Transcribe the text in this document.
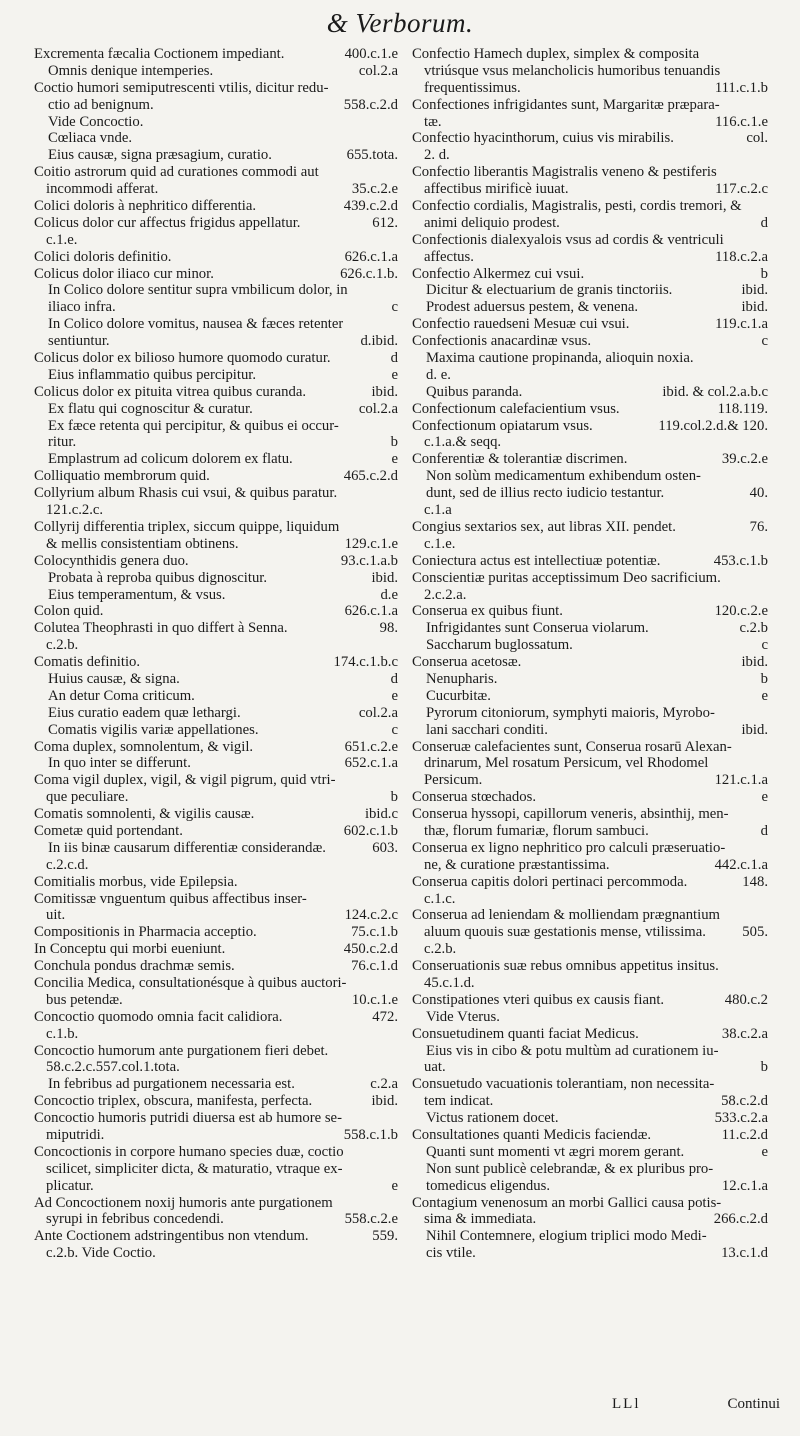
& Verborum.
Excrementa fæcalia Coctionem impediant.	400.c.1.e
Omnis denique intemperies.	col.2.a
Coctio humori semiputrescenti vtilis, dicitur redu-
ctio ad benignum.	558.c.2.d
Vide Concoctio.
Cœliaca vnde.
Eius causæ, signa præsagium, curatio.	655.tota.
Coitio astrorum quid ad curationes commodi aut
incommodi afferat.	35.c.2.e
Colici doloris à nephritico differentia.	439.c.2.d
Colicus dolor cur affectus frigidus appellatur.	612.
c.1.e.
Colici doloris definitio.	626.c.1.a
Colicus dolor iliaco cur minor.	626.c.1.b.
In Colico dolore sentitur supra vmbilicum dolor, in
iliaco infra.	c
In Colico dolore vomitus, nausea & fæces retenter
sentiuntur.	d.ibid.
Colicus dolor ex bilioso humore quomodo curatur.	d
Eius inflammatio quibus percipitur.	e
Colicus dolor ex pituita vitrea quibus curanda.	ibid.
Ex flatu qui cognoscitur & curatur.	col.2.a
Ex fæce retenta qui percipitur, & quibus ei occur-
ritur.	b
Emplastrum ad colicum dolorem ex flatu.	e
Colliquatio membrorum quid.	465.c.2.d
Collyrium album Rhasis cui vsui, & quibus paratur.
121.c.2.c.
Collyrij differentia triplex, siccum quippe, liquidum
& mellis consistentiam obtinens.	129.c.1.e
Colocynthidis genera duo.	93.c.1.a.b
Probata à reproba quibus dignoscitur.	ibid.
Eius temperamentum, & vsus.	d.e
Colon quid.	626.c.1.a
Colutea Theophrasti in quo differt à Senna.	98.
c.2.b.
Comatis definitio.	174.c.1.b.c
Huius causæ, & signa.	d
An detur Coma criticum.	e
Eius curatio eadem quæ lethargi.	col.2.a
Comatis vigilis variæ appellationes.	c
Coma duplex, somnolentum, & vigil.	651.c.2.e
In quo inter se differunt.	652.c.1.a
Coma vigil duplex, vigil, & vigil pigrum, quid vtri-
que peculiare.	b
Comatis somnolenti, & vigilis causæ.	ibid.c
Cometæ quid portendant.	602.c.1.b
In iis binæ causarum differentiæ considerandæ.	603.
c.2.c.d.
Comitialis morbus, vide Epilepsia.
Comitissæ vnguentum quibus affectibus inser-
uit.	124.c.2.c
Compositionis in Pharmacia acceptio.	75.c.1.b
In Conceptu qui morbi eueniunt.	450.c.2.d
Conchula pondus drachmæ semis.	76.c.1.d
Concilia Medica, consultationésque à quibus auctori-
bus petendæ.	10.c.1.e
Concoctio quomodo omnia facit calidiora.	472.
c.1.b.
Concoctio humorum ante purgationem fieri debet.
58.c.2.c.557.col.1.tota.
In febribus ad purgationem necessaria est.	c.2.a
Concoctio triplex, obscura, manifesta, perfecta.	ibid.
Concoctio humoris putridi diuersa est ab humore se-
miputridi.	558.c.1.b
Concoctionis in corpore humano species duæ, coctio
scilicet, simpliciter dicta, & maturatio, vtraque ex-
plicatur.	e
Ad Concoctionem noxij humoris ante purgationem
syrupi in febribus concedendi.	558.c.2.e
Ante Coctionem adstringentibus non vtendum.	559.
c.2.b. Vide Coctio.
Confectio Hamech duplex, simplex & composita
vtriúsque vsus melancholicis humoribus tenuandis
frequentissimus.	111.c.1.b
Confectiones infrigidantes sunt, Margaritæ præpara-
tæ.	116.c.1.e
Confectio hyacinthorum, cuius vis mirabilis.	col.
2. d.
Confectio liberantis Magistralis veneno & pestiferis
affectibus mirificè iuuat.	117.c.2.c
Confectio cordialis, Magistralis, pesti, cordis tremori, &
animi deliquio prodest.	d
Confectionis dialexyalois vsus ad cordis & ventriculi
affectus.	118.c.2.a
Confectio Alkermez cui vsui.	b
Dicitur & electuarium de granis tinctoriis.	ibid.
Prodest aduersus pestem, & venena.	ibid.
Confectio rauedseni Mesuæ cui vsui.	119.c.1.a
Confectionis anacardinæ vsus.	c
Maxima cautione propinanda, alioquin noxia.
d. e.
Quibus paranda.	ibid. & col.2.a.b.c
Confectionum calefacientium vsus.	118.119.
Confectionum opiatarum vsus.	119.col.2.d.& 120.
c.1.a.& seqq.
Conferentiæ & tolerantiæ discrimen.	39.c.2.e
Non solùm medicamentum exhibendum osten-
dunt, sed de illius recto iudicio testantur.	40.
c.1.a
Congius sextarios sex, aut libras XII. pendet.	76.
c.1.e.
Coniectura actus est intellectiuæ potentiæ.	453.c.1.b
Conscientiæ puritas acceptissimum Deo sacrificium.
2.c.2.a.
Conserua ex quibus fiunt.	120.c.2.e
Infrigidantes sunt Conserua violarum.	c.2.b
Saccharum buglossatum.	c
Conserua acetosæ.	ibid.
Nenupharis.	b
Cucurbitæ.	e
Pyrorum citoniorum, symphyti maioris, Myrobo-
lani sacchari conditi.	ibid.
Conseruæ calefacientes sunt, Conserua rosarū Alexan-
drinarum, Mel rosatum Persicum, vel Rhodomel
Persicum.	121.c.1.a
Conserua stœchados.	e
Conserua hyssopi, capillorum veneris, absinthij, men-
thæ, florum fumariæ, florum sambuci.	d
Conserua ex ligno nephritico pro calculi præseruatio-
ne, & curatione præstantissima.	442.c.1.a
Conserua capitis dolori pertinaci percommoda.	148.
c.1.c.
Conserua ad leniendam & molliendam prægnantium
aluum quouis suæ gestationis mense, vtilissima.	505.
c.2.b.
Conseruationis suæ rebus omnibus appetitus insitus.
45.c.1.d.
Constipationes vteri quibus ex causis fiant.	480.c.2
Vide Vterus.
Consuetudinem quanti faciat Medicus.	38.c.2.a
Eius vis in cibo & potu multùm ad curationem iu-
uat.	b
Consuetudo vacuationis tolerantiam, non necessita-
tem indicat.	58.c.2.d
Victus rationem docet.	533.c.2.a
Consultationes quanti Medicis faciendæ.	11.c.2.d
Quanti sunt momenti vt ægri morem gerant.	e
Non sunt publicè celebrandæ, & ex pluribus pro-
tomedicus eligendus.	12.c.1.a
Contagium venenosum an morbi Gallici causa potis-
sima & immediata.	266.c.2.d
Nihil Contemnere, elogium triplici modo Medi-
cis vtile.	13.c.1.d
LLl	Continui
